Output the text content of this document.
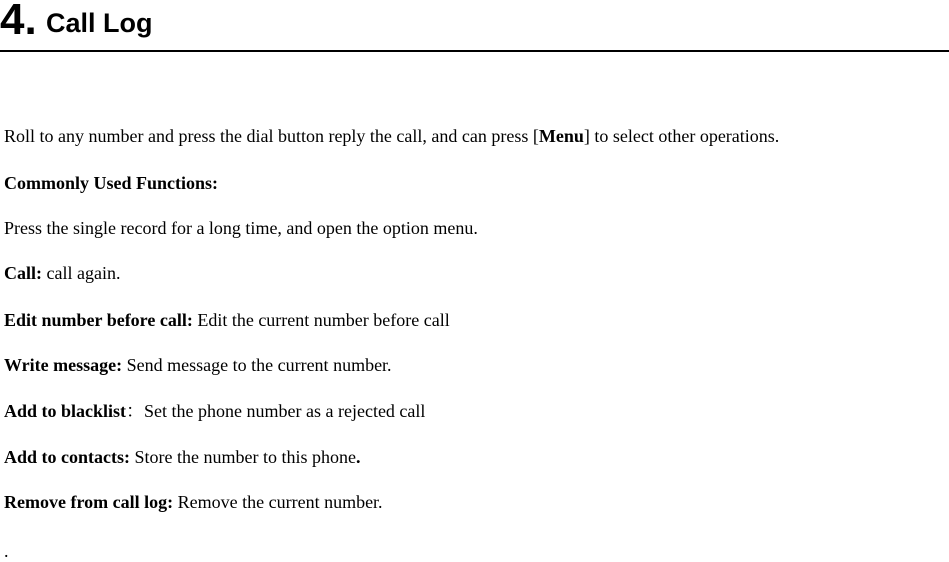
4. Call Log
Roll to any number and press the dial button reply the call, and can press [Menu] to select other operations.
Commonly Used Functions:
Press the single record for a long time, and open the option menu.
Call: call again.
Edit number before call: Edit the current number before call
Write message: Send message to the current number.
Add to blacklist：Set the phone number as a rejected call
Add to contacts: Store the number to this phone.
Remove from call log: Remove the current number.
.
